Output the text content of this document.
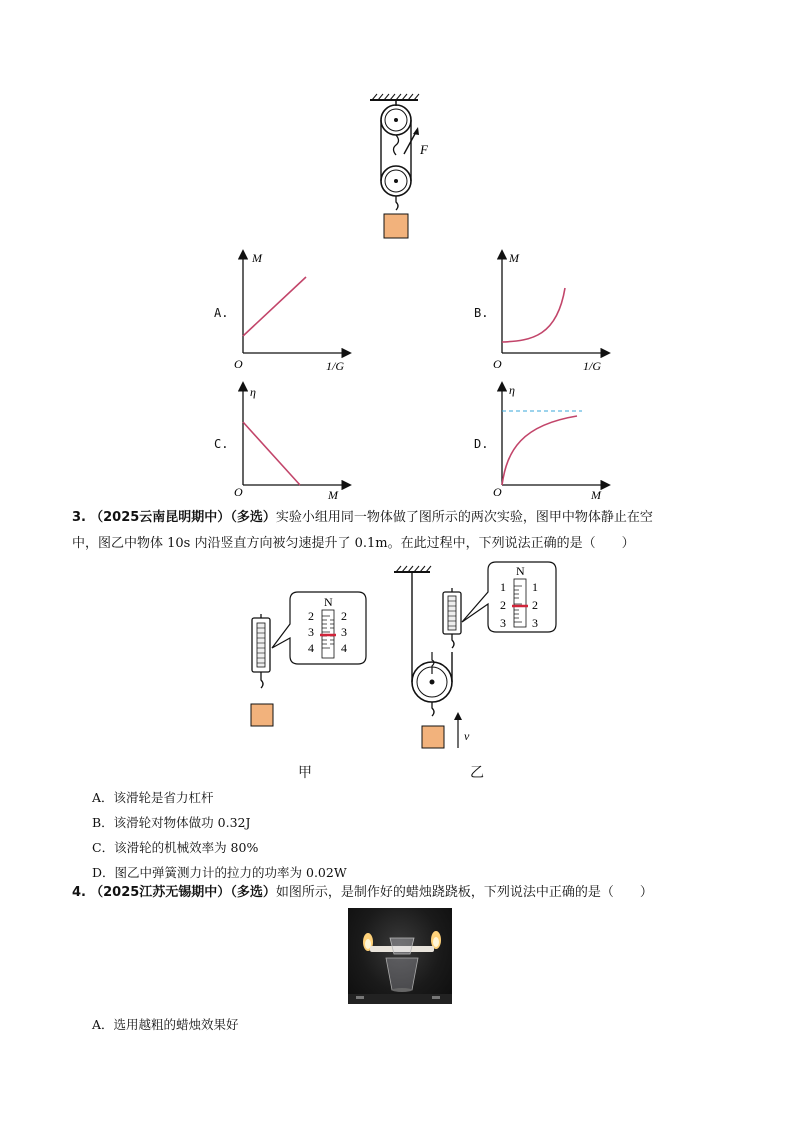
F
A.
M
1/G
O
B.
M
1/G
O
C.
η
M
O
D.
η
M
O
3. （2025云南昆明期中）（多选）实验小组用同一物体做了图所示的两次实验，图甲中物体静止在空
中，图乙中物体 10s 内沿竖直方向被匀速提升了 0.1m。在此过程中，下列说法正确的是（　　）
N
2
3
4
2
3
4
甲
v
N
1
2
3
1
2
3
乙
A．该滑轮是省力杠杆
B．该滑轮对物体做功 0.32J
C．该滑轮的机械效率为 80%
D．图乙中弹簧测力计的拉力的功率为 0.02W
4. （2025江苏无锡期中）（多选）如图所示，是制作好的蜡烛跷跷板，下列说法中正确的是（　　）
A．选用越粗的蜡烛效果好
